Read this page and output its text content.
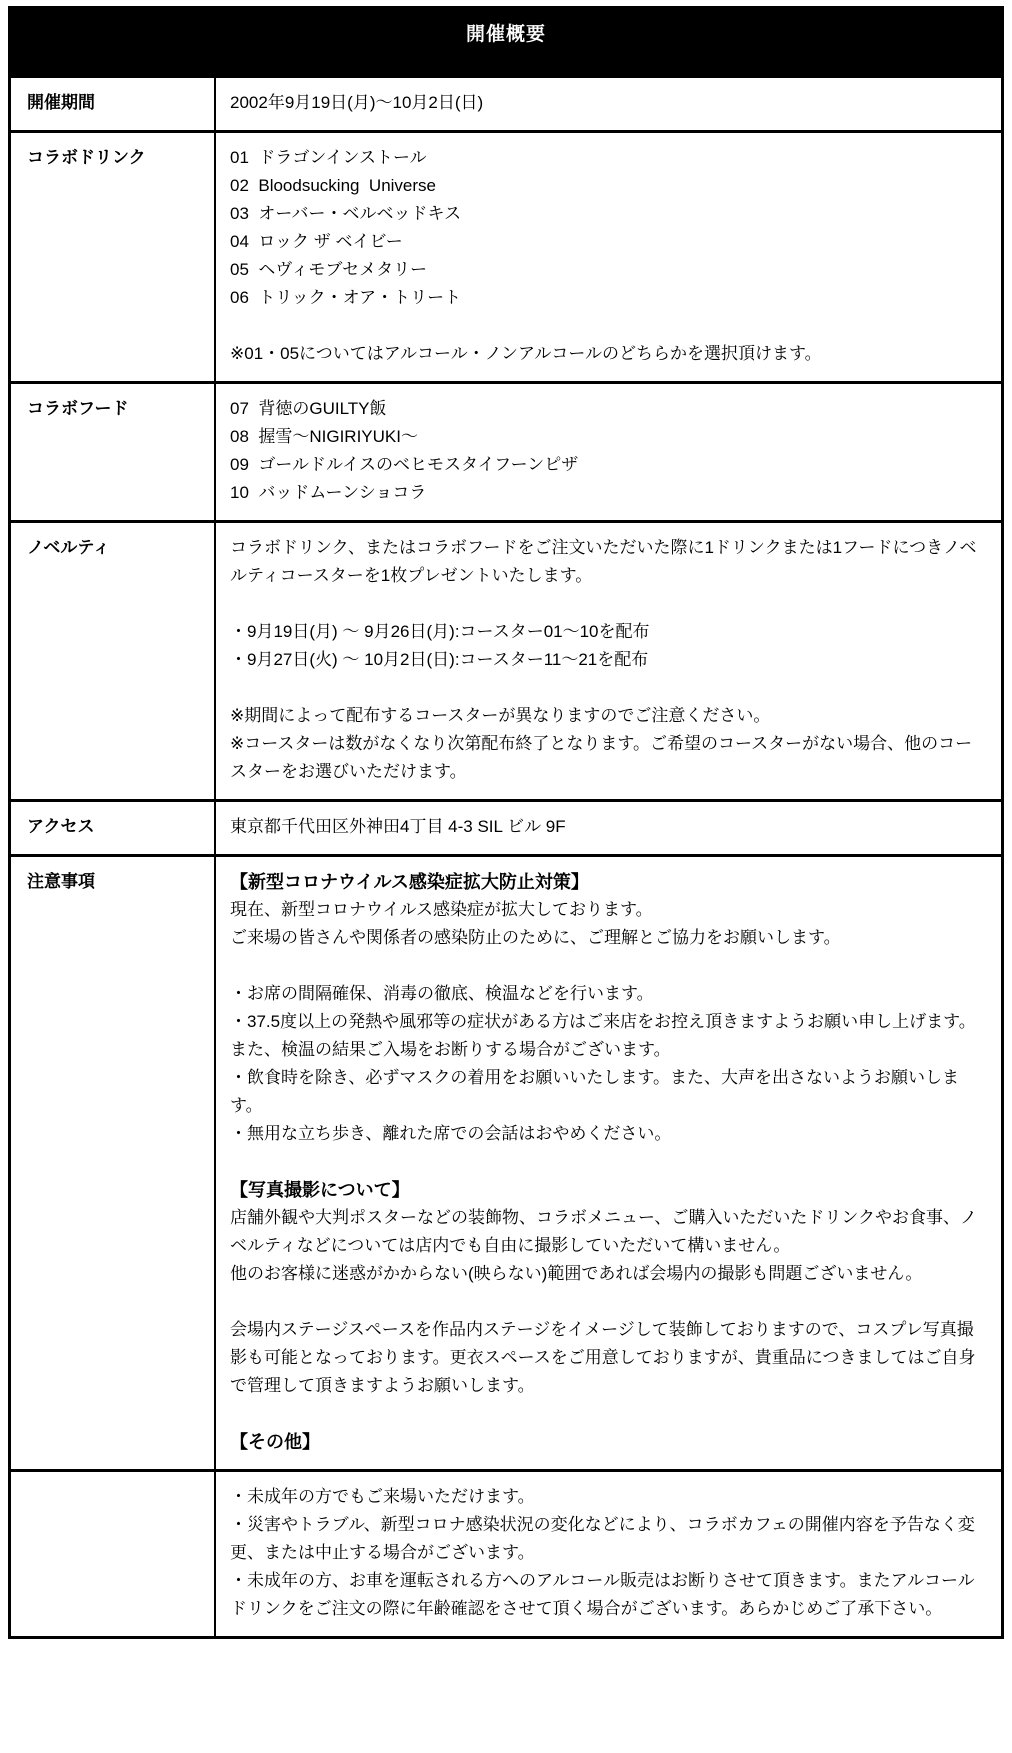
開催概要
開催期間	2002年9月19日(月)～10月2日(日)
コラボドリンク	01  ドラゴンインストール
02  Bloodsucking  Universe
03  オーバー・ベルベッドキス
04  ロック ザ ベイビー
05  ヘヴィモブセメタリー
06  トリック・オア・トリート
※01・05についてはアルコール・ノンアルコールのどちらかを選択頂けます。
コラボフード	07  背徳のGUILTY飯
08  握雪～NIGIRIYUKI～
09  ゴールドルイスのベヒモスタイフーンピザ
10  バッドムーンショコラ
ノベルティ	コラボドリンク、またはコラボフードをご注文いただいた際に1ドリンクまたは1フードにつきノベルティコースターを1枚プレゼントいたします。
・9月19日(月) ～ 9月26日(月):コースター01～10を配布
・9月27日(火) ～ 10月2日(日):コースター11～21を配布
※期間によって配布するコースターが異なりますのでご注意ください。
※コースターは数がなくなり次第配布終了となります。ご希望のコースターがない場合、他のコースターをお選びいただけます。
アクセス	東京都千代田区外神田4丁目 4-3 SIL ビル 9F
注意事項	【新型コロナウイルス感染症拡大防止対策】
現在、新型コロナウイルス感染症が拡大しております。
ご来場の皆さんや関係者の感染防止のために、ご理解とご協力をお願いします。
・お席の間隔確保、消毒の徹底、検温などを行います。
・37.5度以上の発熱や風邪等の症状がある方はご来店をお控え頂きますようお願い申し上げます。 また、検温の結果ご入場をお断りする場合がございます。
・飲食時を除き、必ずマスクの着用をお願いいたします。また、大声を出さないようお願いします。
・無用な立ち歩き、離れた席での会話はおやめください。
【写真撮影について】
店舗外観や大判ポスターなどの装飾物、コラボメニュー、ご購入いただいたドリンクやお食事、ノベルティなどについては店内でも自由に撮影していただいて構いません。
他のお客様に迷惑がかからない(映らない)範囲であれば会場内の撮影も問題ございません。
会場内ステージスペースを作品内ステージをイメージして装飾しておりますので、コスプレ写真撮影も可能となっております。更衣スペースをご用意しておりますが、貴重品につきましてはご自身で管理して頂きますようお願いします。
【その他】
・未成年の方でもご来場いただけます。
・災害やトラブル、新型コロナ感染状況の変化などにより、コラボカフェの開催内容を予告なく変更、または中止する場合がございます。
・未成年の方、お車を運転される方へのアルコール販売はお断りさせて頂きます。またアルコールドリンクをご注文の際に年齢確認をさせて頂く場合がございます。あらかじめご了承下さい。
